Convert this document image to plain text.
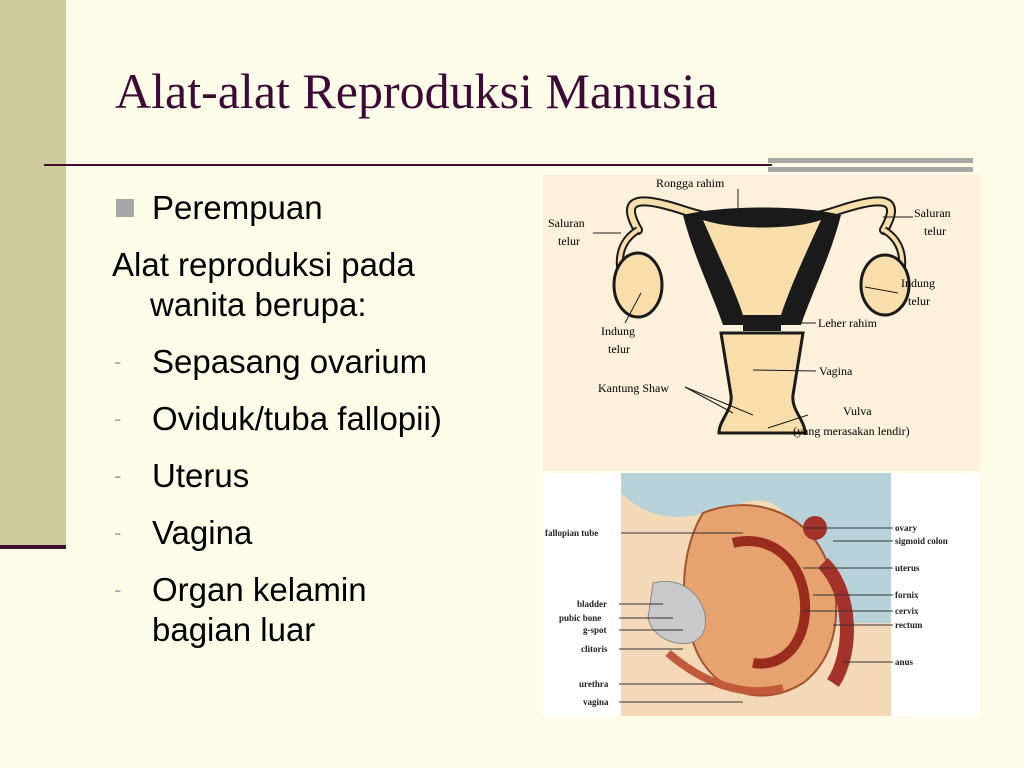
Alat-alat Reproduksi Manusia
Perempuan
Alat reproduksi pada
wanita berupa:
- Sepasang ovarium
- Oviduk/tuba fallopii)
- Uterus
- Vagina
- Organ kelamin
bagian luar
Rongga rahim
Saluran
telur
Saluran
telur
Indung
telur
Indung
telur
Leher rahim
Vagina
Kantung Shaw
Vulva
(yang merasakan lendir)
fallopian tube	ovary
sigmoid colon
uterus
fornix
bladder
cervix
pubic bone
rectum
g-spot
clitoris
anus
urethra
vagina
